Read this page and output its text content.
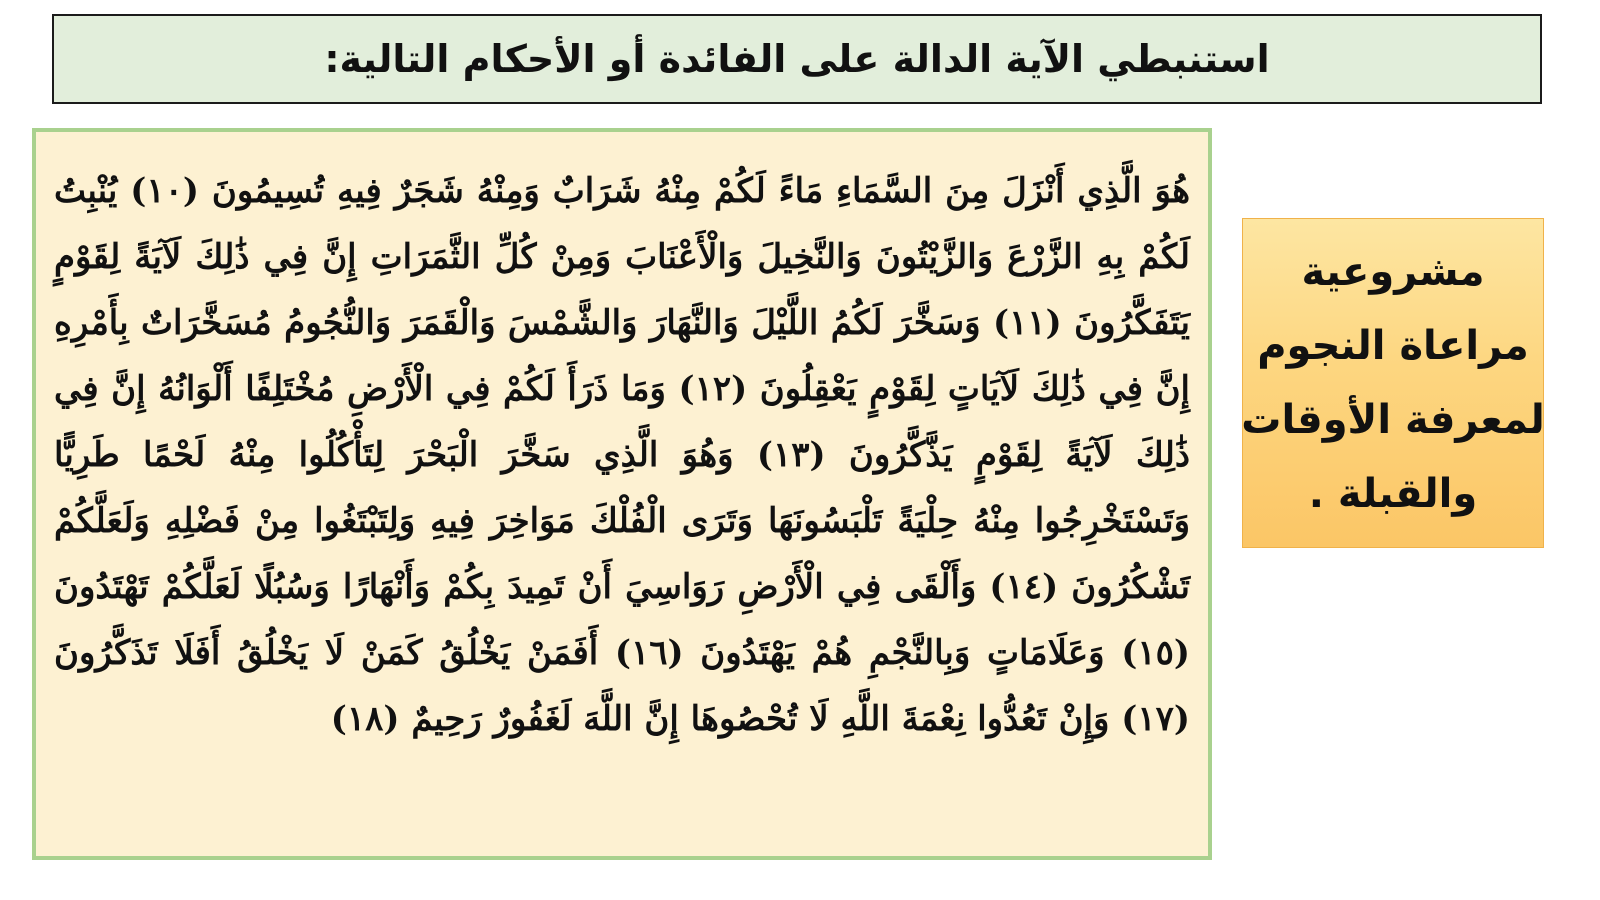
استنبطي الآية الدالة على الفائدة أو الأحكام التالية:
هُوَ الَّذِي أَنْزَلَ مِنَ السَّمَاءِ مَاءً لَكُمْ مِنْهُ شَرَابٌ وَمِنْهُ شَجَرٌ فِيهِ تُسِيمُونَ (١٠) يُنْبِتُ لَكُمْ بِهِ الزَّرْعَ وَالزَّيْتُونَ وَالنَّخِيلَ وَالْأَعْنَابَ وَمِنْ كُلِّ الثَّمَرَاتِ إِنَّ فِي ذَٰلِكَ لَآيَةً لِقَوْمٍ يَتَفَكَّرُونَ (١١) وَسَخَّرَ لَكُمُ اللَّيْلَ وَالنَّهَارَ وَالشَّمْسَ وَالْقَمَرَ وَالنُّجُومُ مُسَخَّرَاتٌ بِأَمْرِهِ إِنَّ فِي ذَٰلِكَ لَآيَاتٍ لِقَوْمٍ يَعْقِلُونَ (١٢) وَمَا ذَرَأَ لَكُمْ فِي الْأَرْضِ مُخْتَلِفًا أَلْوَانُهُ إِنَّ فِي ذَٰلِكَ لَآيَةً لِقَوْمٍ يَذَّكَّرُونَ (١٣) وَهُوَ الَّذِي سَخَّرَ الْبَحْرَ لِتَأْكُلُوا مِنْهُ لَحْمًا طَرِيًّا وَتَسْتَخْرِجُوا مِنْهُ حِلْيَةً تَلْبَسُونَهَا وَتَرَى الْفُلْكَ مَوَاخِرَ فِيهِ وَلِتَبْتَغُوا مِنْ فَضْلِهِ وَلَعَلَّكُمْ تَشْكُرُونَ (١٤) وَأَلْقَى فِي الْأَرْضِ رَوَاسِيَ أَنْ تَمِيدَ بِكُمْ وَأَنْهَارًا وَسُبُلًا لَعَلَّكُمْ تَهْتَدُونَ (١٥) وَعَلَامَاتٍ وَبِالنَّجْمِ هُمْ يَهْتَدُونَ (١٦) أَفَمَنْ يَخْلُقُ كَمَنْ لَا يَخْلُقُ أَفَلَا تَذَكَّرُونَ (١٧) وَإِنْ تَعُدُّوا نِعْمَةَ اللَّهِ لَا تُحْصُوهَا إِنَّ اللَّهَ لَغَفُورٌ رَحِيمٌ (١٨)
مشروعية
مراعاة النجوم
لمعرفة الأوقات
والقبلة .
